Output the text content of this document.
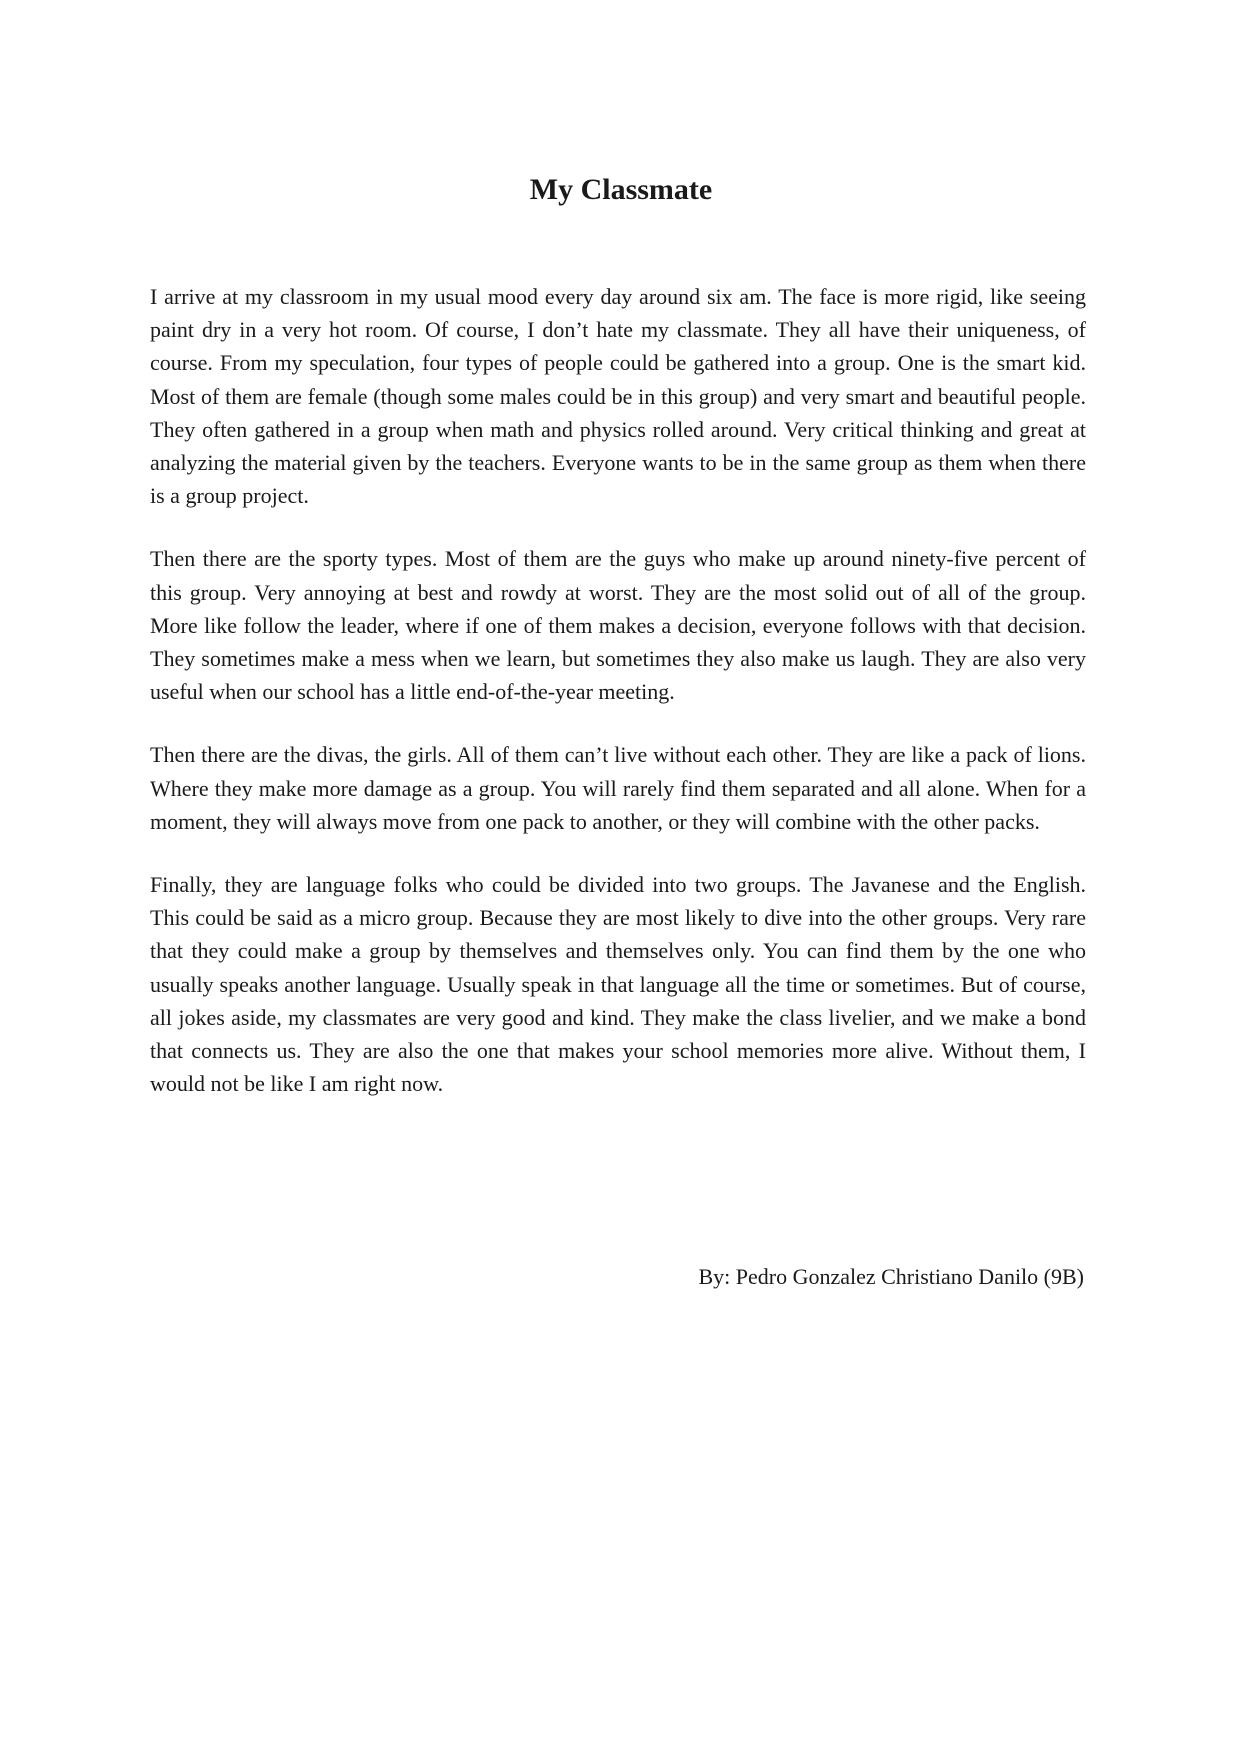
My Classmate

I arrive at my classroom in my usual mood every day around six am. The face is more rigid, like seeing paint dry in a very hot room. Of course, I don’t hate my classmate. They all have their uniqueness, of course. From my speculation, four types of people could be gathered into a group. One is the smart kid. Most of them are female (though some males could be in this group) and very smart and beautiful people. They often gathered in a group when math and physics rolled around. Very critical thinking and great at analyzing the material given by the teachers. Everyone wants to be in the same group as them when there is a group project.

Then there are the sporty types. Most of them are the guys who make up around ninety-five percent of this group. Very annoying at best and rowdy at worst. They are the most solid out of all of the group. More like follow the leader, where if one of them makes a decision, everyone follows with that decision. They sometimes make a mess when we learn, but sometimes they also make us laugh. They are also very useful when our school has a little end-of-the-year meeting.

Then there are the divas, the girls. All of them can’t live without each other. They are like a pack of lions. Where they make more damage as a group. You will rarely find them separated and all alone. When for a moment, they will always move from one pack to another, or they will combine with the other packs.

Finally, they are language folks who could be divided into two groups. The Javanese and the English. This could be said as a micro group. Because they are most likely to dive into the other groups. Very rare that they could make a group by themselves and themselves only. You can find them by the one who usually speaks another language. Usually speak in that language all the time or sometimes. But of course, all jokes aside, my classmates are very good and kind. They make the class livelier, and we make a bond that connects us. They are also the one that makes your school memories more alive. Without them, I would not be like I am right now.

By: Pedro Gonzalez Christiano Danilo (9B)
